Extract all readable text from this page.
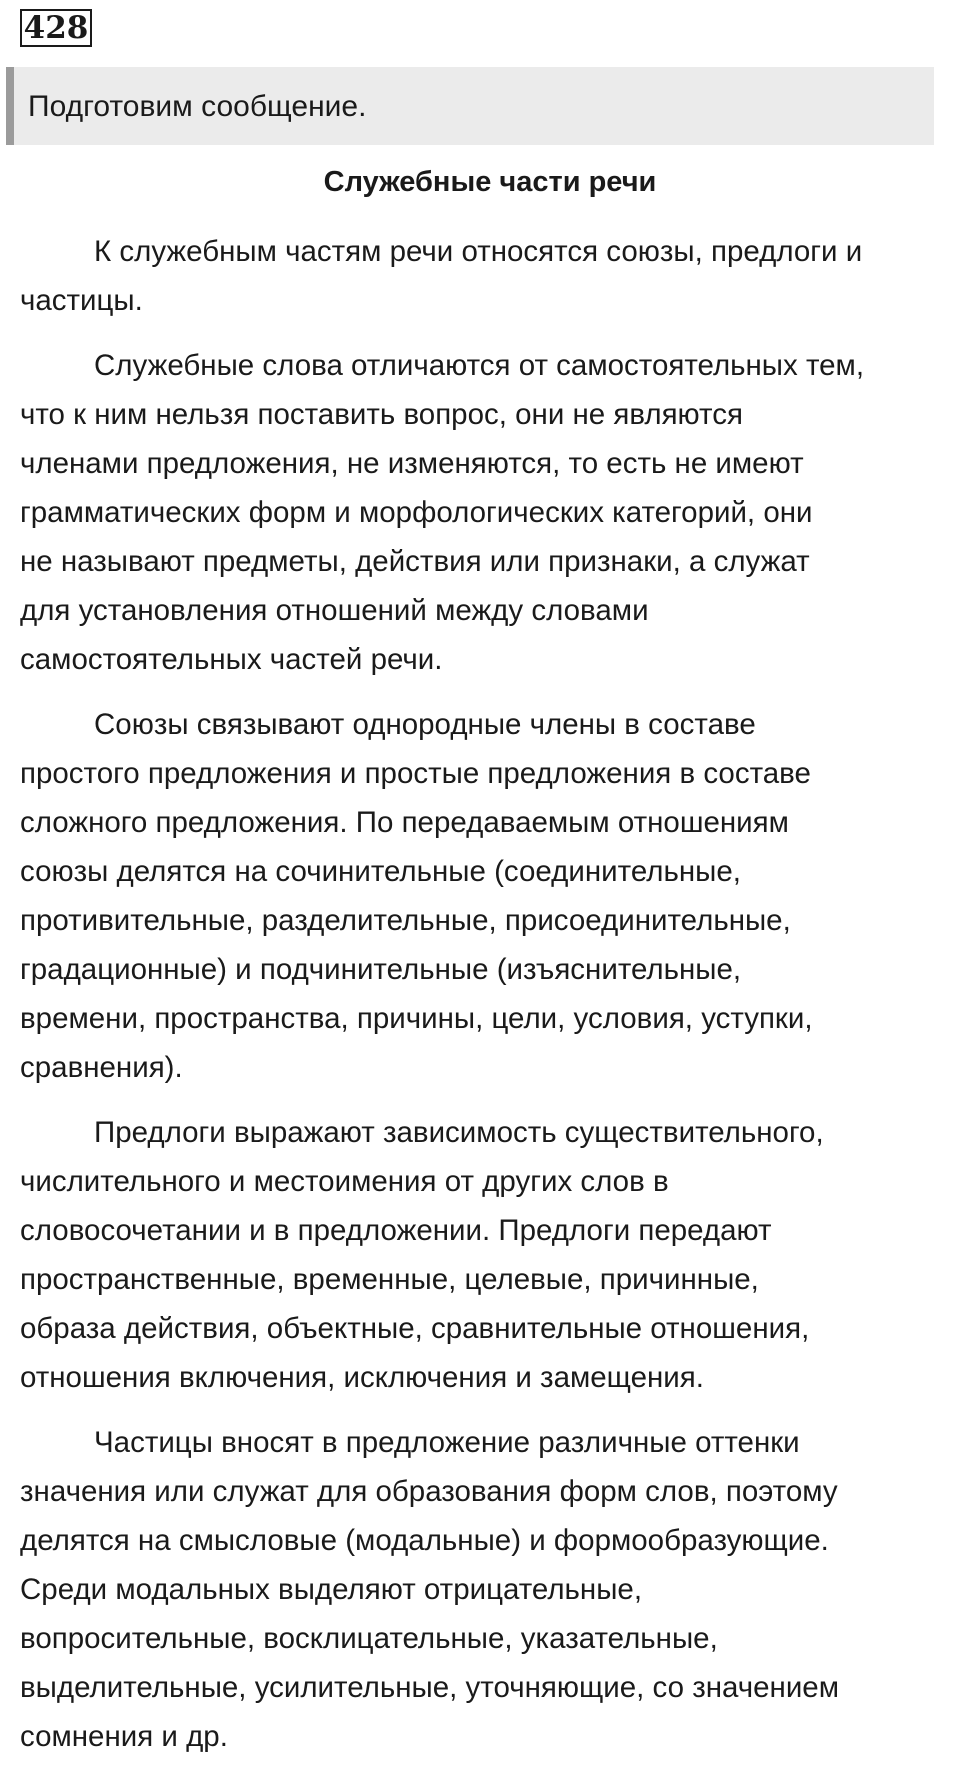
428
Подготовим сообщение.
Служебные части речи
К служебным частям речи относятся союзы, предлоги и
частицы.
Служебные слова отличаются от самостоятельных тем,
что к ним нельзя поставить вопрос, они не являются
членами предложения, не изменяются, то есть не имеют
грамматических форм и морфологических категорий, они
не называют предметы, действия или признаки, а служат
для установления отношений между словами
самостоятельных частей речи.
Союзы связывают однородные члены в составе
простого предложения и простые предложения в составе
сложного предложения. По передаваемым отношениям
союзы делятся на сочинительные (соединительные,
противительные, разделительные, присоединительные,
градационные) и подчинительные (изъяснительные,
времени, пространства, причины, цели, условия, уступки,
сравнения).
Предлоги выражают зависимость существительного,
числительного и местоимения от других слов в
словосочетании и в предложении. Предлоги передают
пространственные, временные, целевые, причинные,
образа действия, объектные, сравнительные отношения,
отношения включения, исключения и замещения.
Частицы вносят в предложение различные оттенки
значения или служат для образования форм слов, поэтому
делятся на смысловые (модальные) и формообразующие.
Среди модальных выделяют отрицательные,
вопросительные, восклицательные, указательные,
выделительные, усилительные, уточняющие, со значением
сомнения и др.
